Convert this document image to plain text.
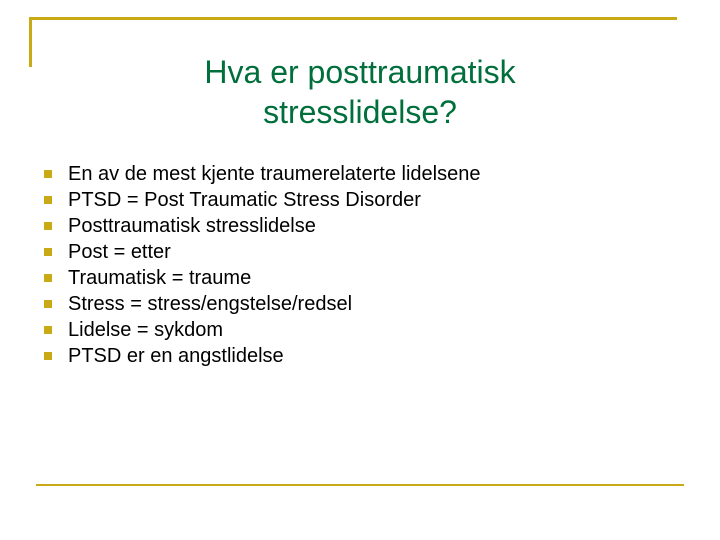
Hva er posttraumatisk
stresslidelse?
En av de mest kjente traumerelaterte lidelsene
PTSD = Post Traumatic Stress Disorder
Posttraumatisk stresslidelse
Post = etter
Traumatisk = traume
Stress = stress/engstelse/redsel
Lidelse = sykdom
PTSD er en angstlidelse
